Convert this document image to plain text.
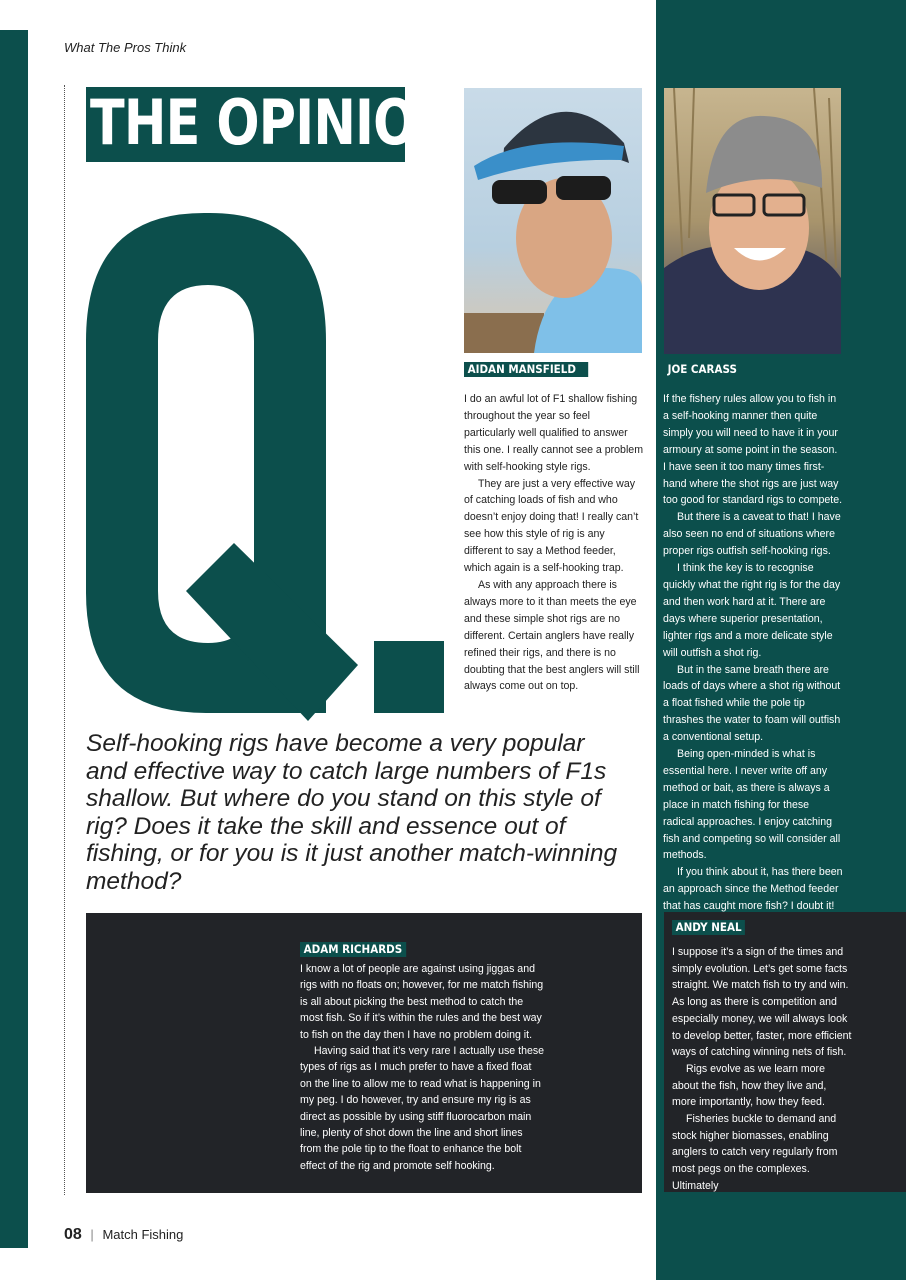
What The Pros Think
THE OPINION
AIDAN MANSFIELD	JOE CARASS

I do an awful lot of F1 shallow fishing throughout the year so feel particularly well qualified to answer this one. I really cannot see a problem with self-hooking style rigs.

They are just a very effective way of catching loads of fish and who doesn’t enjoy doing that! I really can’t see how this style of rig is any different to say a Method feeder, which again is a self-hooking trap.

As with any approach there is always more to it than meets the eye and these simple shot rigs are no different. Certain anglers have really refined their rigs, and there is no doubting that the best anglers will still always come out on top.

If the fishery rules allow you to fish in a self-hooking manner then quite simply you will need to have it in your armoury at some point in the season. I have seen it too many times first-hand where the shot rigs are just way too good for standard rigs to compete.

But there is a caveat to that! I have also seen no end of situations where proper rigs outfish self-hooking rigs.

I think the key is to recognise quickly what the right rig is for the day and then work hard at it. There are days where superior presentation, lighter rigs and a more delicate style will outfish a shot rig.

But in the same breath there are loads of days where a shot rig without a float fished while the pole tip thrashes the water to foam will outfish a conventional setup.

Being open-minded is what is essential here. I never write off any method or bait, as there is always a place in match fishing for these radical approaches. I enjoy catching fish and competing so will consider all methods.

If you think about it, has there been an approach since the Method feeder that has caught more fish? I doubt it!

Self-hooking rigs have become a very popular and effective way to catch large numbers of F1s shallow. But where do you stand on this style of rig? Does it take the skill and essence out of fishing, or for you is it just another match-winning method?
ADAM RICHARDS

I know a lot of people are against using jiggas and rigs with no floats on; however, for me match fishing is all about picking the best method to catch the most fish. So if it’s within the rules and the best way to fish on the day then I have no problem doing it.

Having said that it’s very rare I actually use these types of rigs as I much prefer to have a fixed float on the line to allow me to read what is happening in my peg. I do however, try and ensure my rig is as direct as possible by using stiff fluorocarbon main line, plenty of shot down the line and short lines from the pole tip to the float to enhance the bolt effect of the rig and promote self hooking.

ANDY NEAL

I suppose it’s a sign of the times and simply evolution. Let’s get some facts straight. We match fish to try and win. As long as there is competition and especially money, we will always look to develop better, faster, more efficient ways of catching winning nets of fish.

Rigs evolve as we learn more about the fish, how they live and, more importantly, how they feed.

Fisheries buckle to demand and stock higher biomasses, enabling anglers to catch very regularly from most pegs on the complexes. Ultimately

08 | Match Fishing
